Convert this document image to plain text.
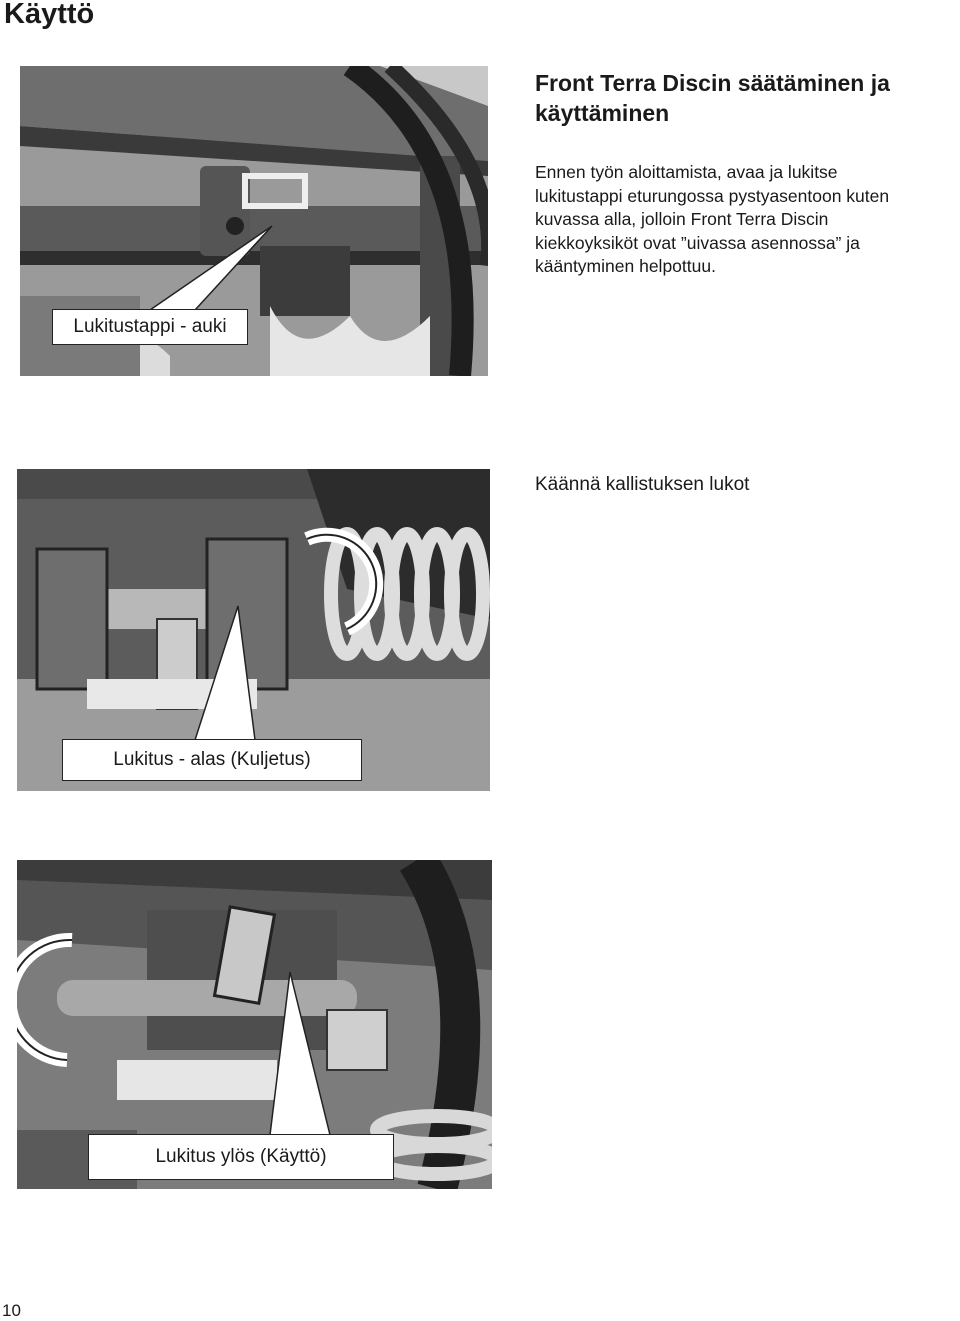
Käyttö
Front Terra Discin säätäminen ja
käyttäminen
Ennen työn aloittamista, avaa ja lukitse
lukitustappi eturungossa pystyasentoon kuten
kuvassa alla, jolloin Front Terra Discin
kiekkoyksiköt ovat ”uivassa asennossa” ja
kääntyminen helpottuu.
Lukitustappi - auki
Lukitus - alas (Kuljetus)
Lukitus ylös (Käyttö)
Käännä kallistuksen lukot
10
